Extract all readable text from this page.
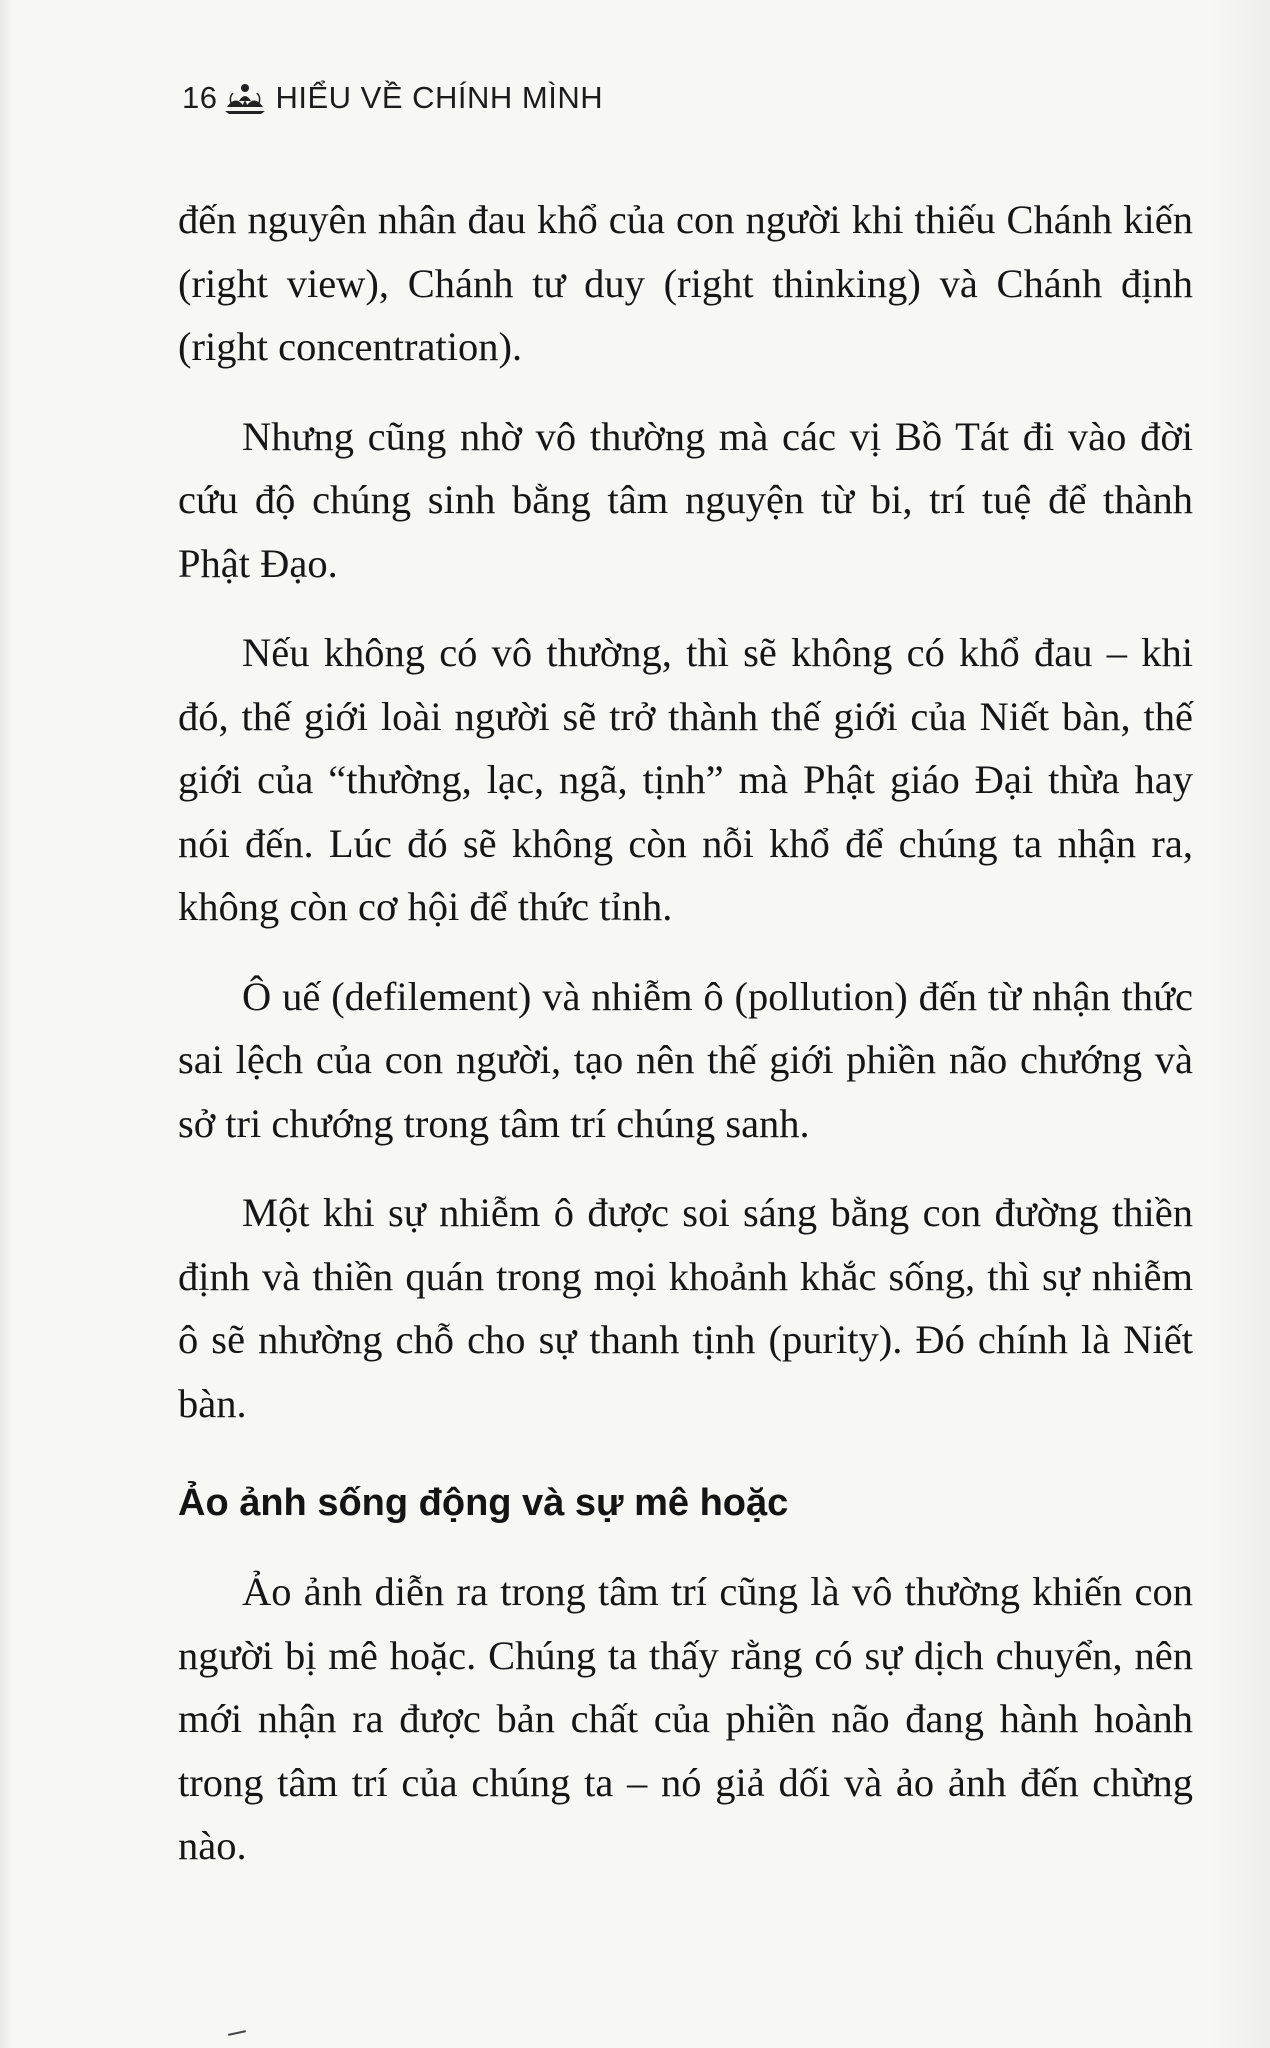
16 HIỂU VỀ CHÍNH MÌNH

đến nguyên nhân đau khổ của con người khi thiếu Chánh kiến (right view), Chánh tư duy (right thinking) và Chánh định (right concentration).

Nhưng cũng nhờ vô thường mà các vị Bồ Tát đi vào đời cứu độ chúng sinh bằng tâm nguyện từ bi, trí tuệ để thành Phật Đạo.

Nếu không có vô thường, thì sẽ không có khổ đau – khi đó, thế giới loài người sẽ trở thành thế giới của Niết bàn, thế giới của “thường, lạc, ngã, tịnh” mà Phật giáo Đại thừa hay nói đến. Lúc đó sẽ không còn nỗi khổ để chúng ta nhận ra, không còn cơ hội để thức tỉnh.

Ô uế (defilement) và nhiễm ô (pollution) đến từ nhận thức sai lệch của con người, tạo nên thế giới phiền não chướng và sở tri chướng trong tâm trí chúng sanh.

Một khi sự nhiễm ô được soi sáng bằng con đường thiền định và thiền quán trong mọi khoảnh khắc sống, thì sự nhiễm ô sẽ nhường chỗ cho sự thanh tịnh (purity). Đó chính là Niết bàn.

Ảo ảnh sống động và sự mê hoặc

Ảo ảnh diễn ra trong tâm trí cũng là vô thường khiến con người bị mê hoặc. Chúng ta thấy rằng có sự dịch chuyển, nên mới nhận ra được bản chất của phiền não đang hành hoành trong tâm trí của chúng ta – nó giả dối và ảo ảnh đến chừng nào.
